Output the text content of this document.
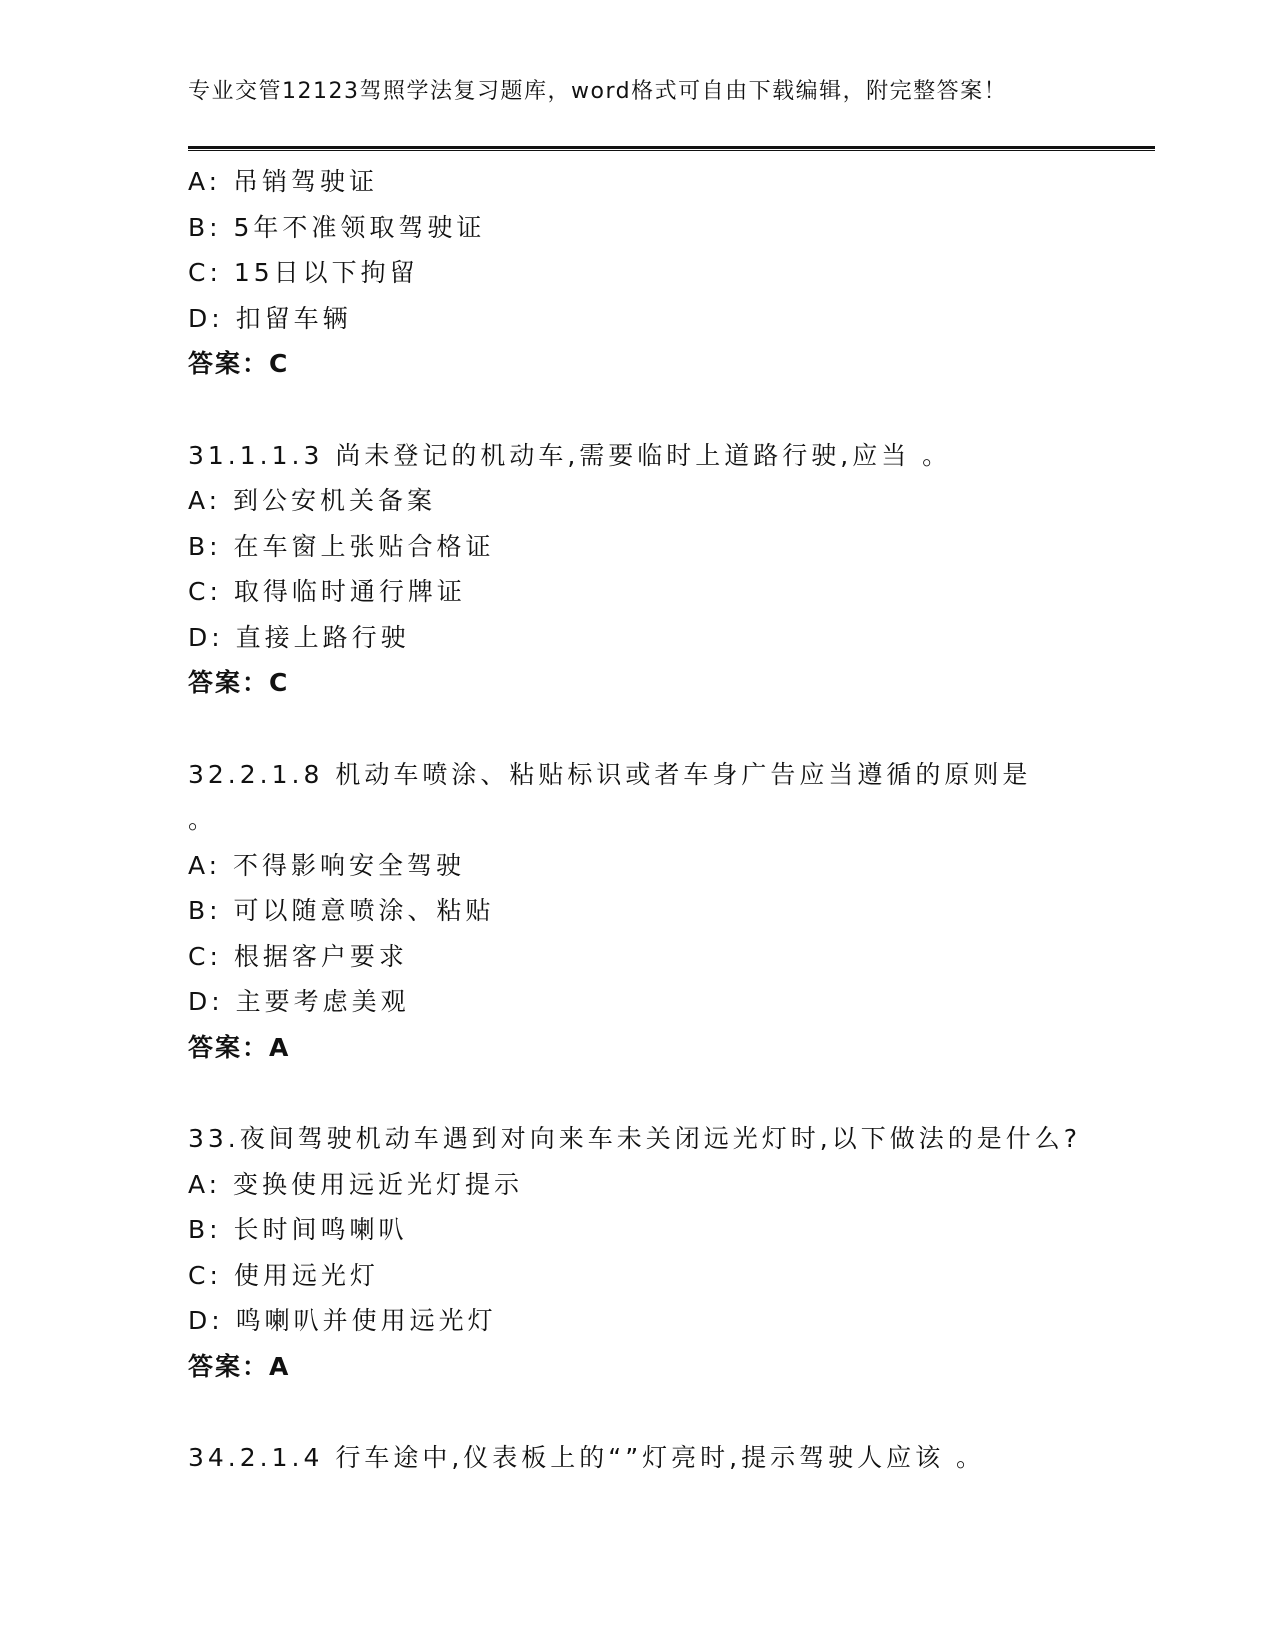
专业交管12123驾照学法复习题库，word格式可自由下载编辑，附完整答案！
A: 吊销驾驶证
B: 5年不准领取驾驶证
C: 15日以下拘留
D: 扣留车辆
答案：C
31.1.1.3 尚未登记的机动车,需要临时上道路行驶,应当 。
A: 到公安机关备案
B: 在车窗上张贴合格证
C: 取得临时通行牌证
D: 直接上路行驶
答案：C
32.2.1.8 机动车喷涂、粘贴标识或者车身广告应当遵循的原则是
。
A: 不得影响安全驾驶
B: 可以随意喷涂、粘贴
C: 根据客户要求
D: 主要考虑美观
答案：A
33.夜间驾驶机动车遇到对向来车未关闭远光灯时,以下做法的是什么?
A: 变换使用远近光灯提示
B: 长时间鸣喇叭
C: 使用远光灯
D: 鸣喇叭并使用远光灯
答案：A
34.2.1.4 行车途中,仪表板上的“”灯亮时,提示驾驶人应该 。
